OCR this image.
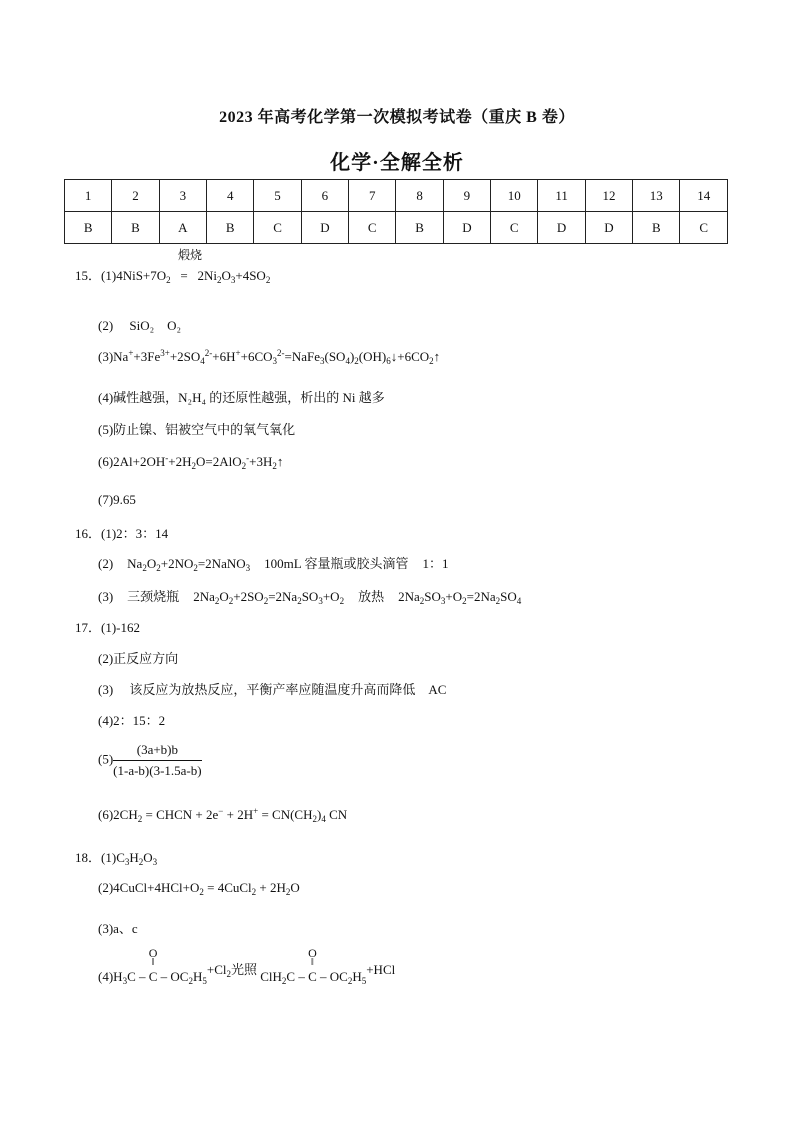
2023 年高考化学第一次模拟考试卷（重庆 B 卷）
化学·全解全析
1	2	3	4	5	6	7	8	9	10	11	12	13	14
B	B	A	B	C	D	C	B	D	C	D	D	B	C
煅烧
15．$(1)4NiS+7O_2 = 2Ni_2O_3+4SO_2$
(2)　 SiO₂　O₂
$(3)Na^++3Fe^{3+}+2SO_4^{2-}+6H^++6CO_3^{2-}=NaFe_3(SO_4)_2(OH)_6↓+6CO_2↑$
(4)碱性越强，N₂H₄ 的还原性越强，析出的 Ni 越多
(5)防止镍、铝被空气中的氧气氧化
$(6)2Al+2OH^-+2H_2O=2AlO_2^-+3H_2↑$
(7)9.65
16．(1)2：3：14
(2) $Na_2O_2+2NO_2=2NaNO_3$ 100mL 容量瓶或胶头滴管 1：1
(3) 三颈烧瓶 $2Na_2O_2+2SO_2=2Na_2SO_3+O_2$ 放热 $2Na_2SO_3+O_2=2Na_2SO_4$
17．(1)-162
(2)正反应方向
(3)　 该反应为放热反应，平衡产率应随温度升高而降低　AC
(4)2：15：2
$(5) \frac{(3a+b)b}{(1-a-b)(3-1.5a-b)}$
$(6)2CH_2$ = CHCN + $2e^- + 2H^+ = CN(CH_2)_4$ CN
18．$(1)C_3H_2O_3$
$(2)4CuCl+4HCl+O_2$ = 4CuCl$_2$ + $2H_2O$
(3)a、c
$(4)H_3C$ –
O
‖
$C - OC_2H_5+Cl_2$光照 ClH$_2$C –
O
‖
$C - OC_2H_5+HCl$
